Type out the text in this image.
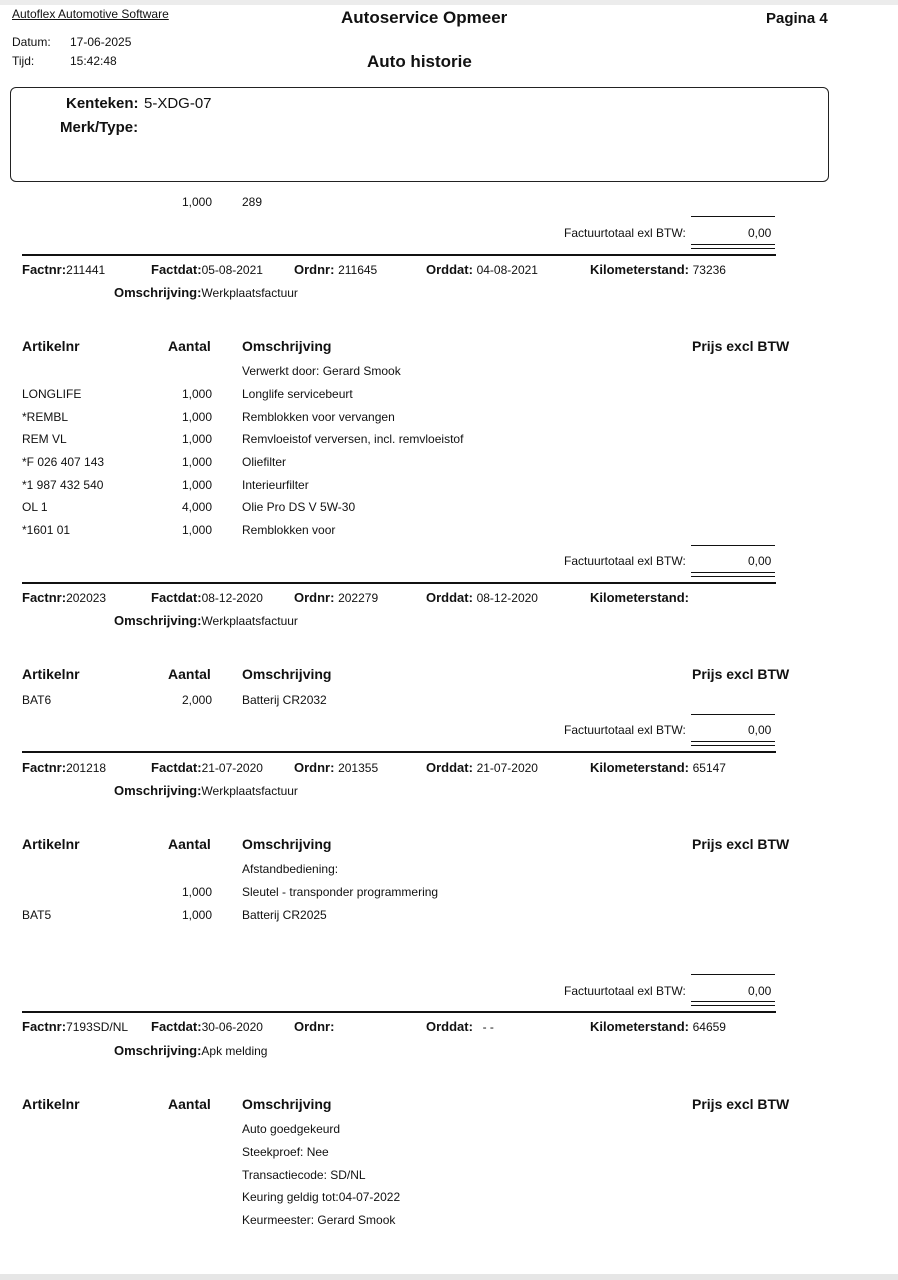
Autoflex Automotive Software	Autoservice Opmeer	Pagina 4
Datum: 17-06-2025
Tijd:	15:42:48	Auto historie
Kenteken: 5-XDG-07
Merk/Type:
1,000 289
Factuurtotaal exl BTW:	0,00
Factnr:211441	Factdat:05-08-2021 Ordnr: 211645	Orddat: 04-08-2021	Kilometerstand: 73236
Omschrijving:Werkplaatsfactuur
Artikelnr	Aantal Omschrijving	Prijs excl BTW
Verwerkt door: Gerard Smook
LONGLIFE	1,000 Longlife servicebeurt
*REMBL	1,000 Remblokken voor vervangen
REM VL	1,000 Remvloeistof verversen, incl. remvloeistof
*F 026 407 143	1,000 Oliefilter
*1 987 432 540	1,000 Interieurfilter
OL 1	4,000 Olie Pro DS V 5W-30
*1601 01	1,000 Remblokken voor
Factuurtotaal exl BTW:	0,00
Factnr:202023	Factdat:08-12-2020 Ordnr: 202279	Orddat: 08-12-2020	Kilometerstand:
Omschrijving:Werkplaatsfactuur
Artikelnr	Aantal Omschrijving	Prijs excl BTW
BAT6	2,000 Batterij CR2032
Factuurtotaal exl BTW:	0,00
Factnr:201218	Factdat:21-07-2020 Ordnr: 201355	Orddat: 21-07-2020	Kilometerstand: 65147
Omschrijving:Werkplaatsfactuur
Artikelnr	Aantal Omschrijving	Prijs excl BTW
Afstandbediening:
1,000 Sleutel - transponder programmering
BAT5	1,000 Batterij CR2025
Factuurtotaal exl BTW:	0,00
Factnr:7193SD/NL Factdat:30-06-2020 Ordnr:	Orddat: - -	Kilometerstand: 64659
Omschrijving:Apk melding
Artikelnr	Aantal Omschrijving	Prijs excl BTW
Auto goedgekeurd
Steekproef: Nee
Transactiecode: SD/NL
Keuring geldig tot:04-07-2022
Keurmeester: Gerard Smook
